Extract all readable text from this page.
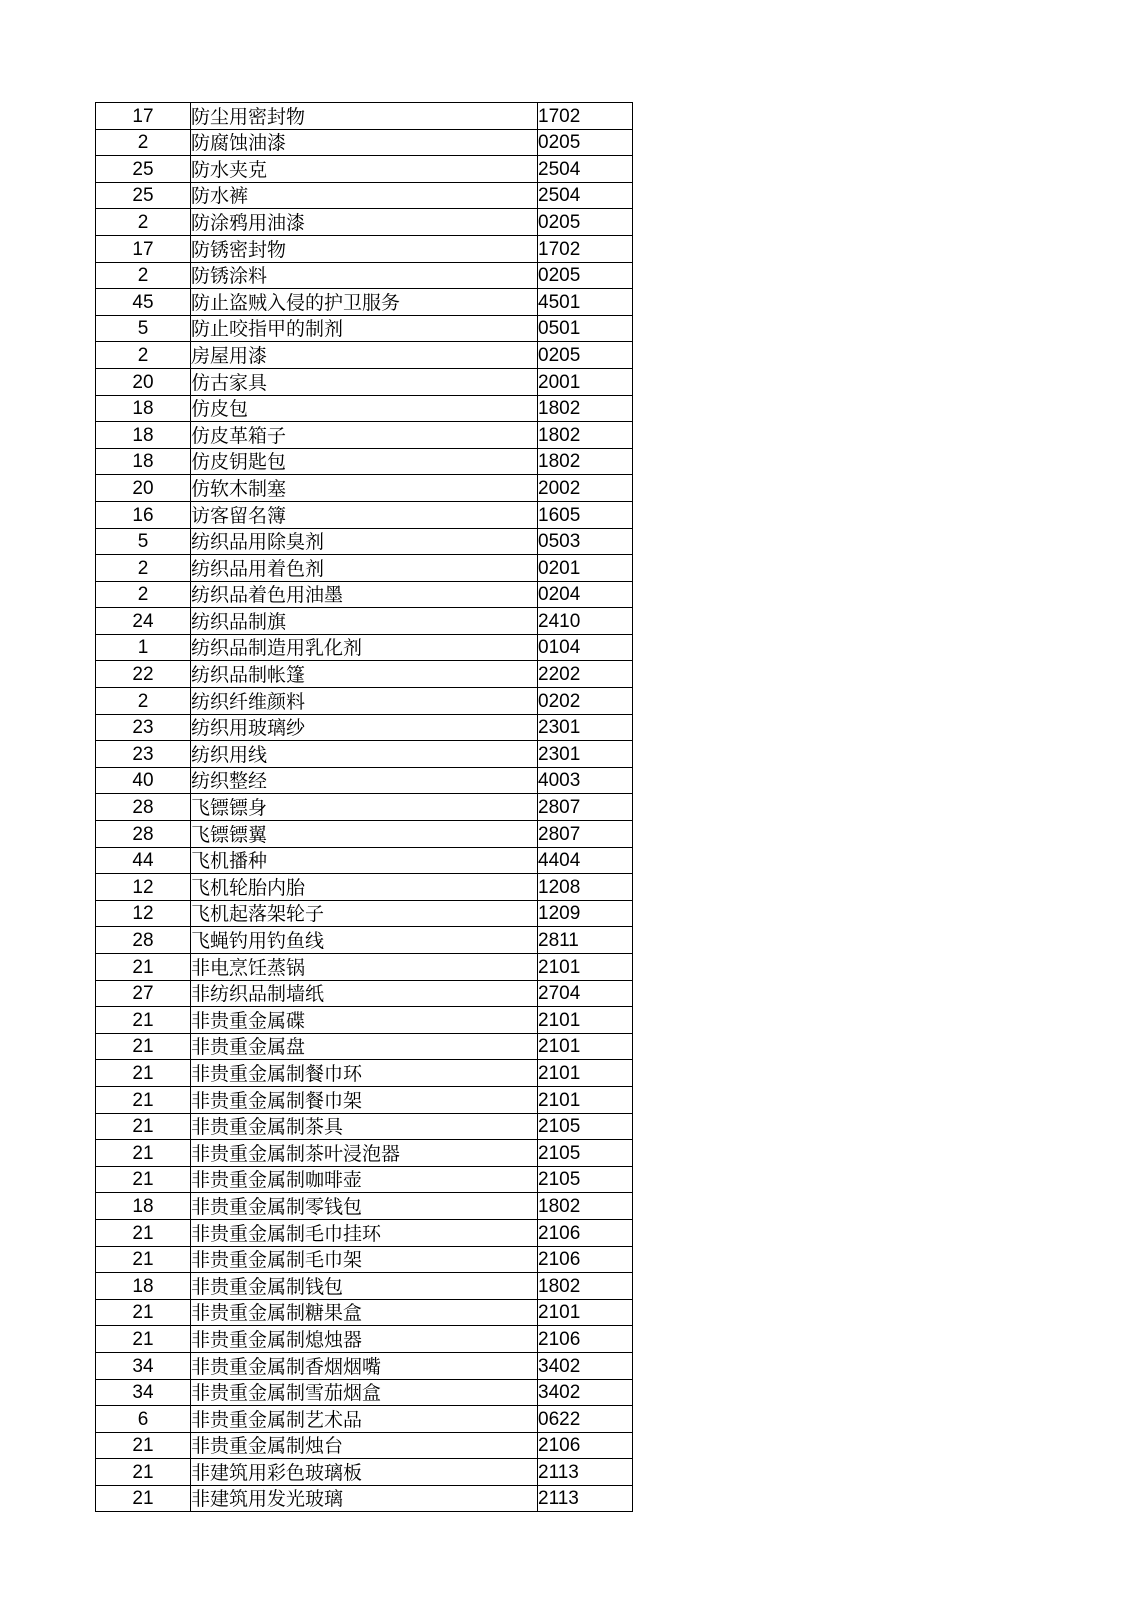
17	防尘用密封物	1702
2	防腐蚀油漆	0205
25	防水夹克	2504
25	防水裤	2504
2	防涂鸦用油漆	0205
17	防锈密封物	1702
2	防锈涂料	0205
45	防止盗贼入侵的护卫服务	4501
5	防止咬指甲的制剂	0501
2	房屋用漆	0205
20	仿古家具	2001
18	仿皮包	1802
18	仿皮革箱子	1802
18	仿皮钥匙包	1802
20	仿软木制塞	2002
16	访客留名簿	1605
5	纺织品用除臭剂	0503
2	纺织品用着色剂	0201
2	纺织品着色用油墨	0204
24	纺织品制旗	2410
1	纺织品制造用乳化剂	0104
22	纺织品制帐篷	2202
2	纺织纤维颜料	0202
23	纺织用玻璃纱	2301
23	纺织用线	2301
40	纺织整经	4003
28	飞镖镖身	2807
28	飞镖镖翼	2807
44	飞机播种	4404
12	飞机轮胎内胎	1208
12	飞机起落架轮子	1209
28	飞蝇钓用钓鱼线	2811
21	非电烹饪蒸锅	2101
27	非纺织品制墙纸	2704
21	非贵重金属碟	2101
21	非贵重金属盘	2101
21	非贵重金属制餐巾环	2101
21	非贵重金属制餐巾架	2101
21	非贵重金属制茶具	2105
21	非贵重金属制茶叶浸泡器	2105
21	非贵重金属制咖啡壶	2105
18	非贵重金属制零钱包	1802
21	非贵重金属制毛巾挂环	2106
21	非贵重金属制毛巾架	2106
18	非贵重金属制钱包	1802
21	非贵重金属制糖果盒	2101
21	非贵重金属制熄烛器	2106
34	非贵重金属制香烟烟嘴	3402
34	非贵重金属制雪茄烟盒	3402
6	非贵重金属制艺术品	0622
21	非贵重金属制烛台	2106
21	非建筑用彩色玻璃板	2113
21	非建筑用发光玻璃	2113
